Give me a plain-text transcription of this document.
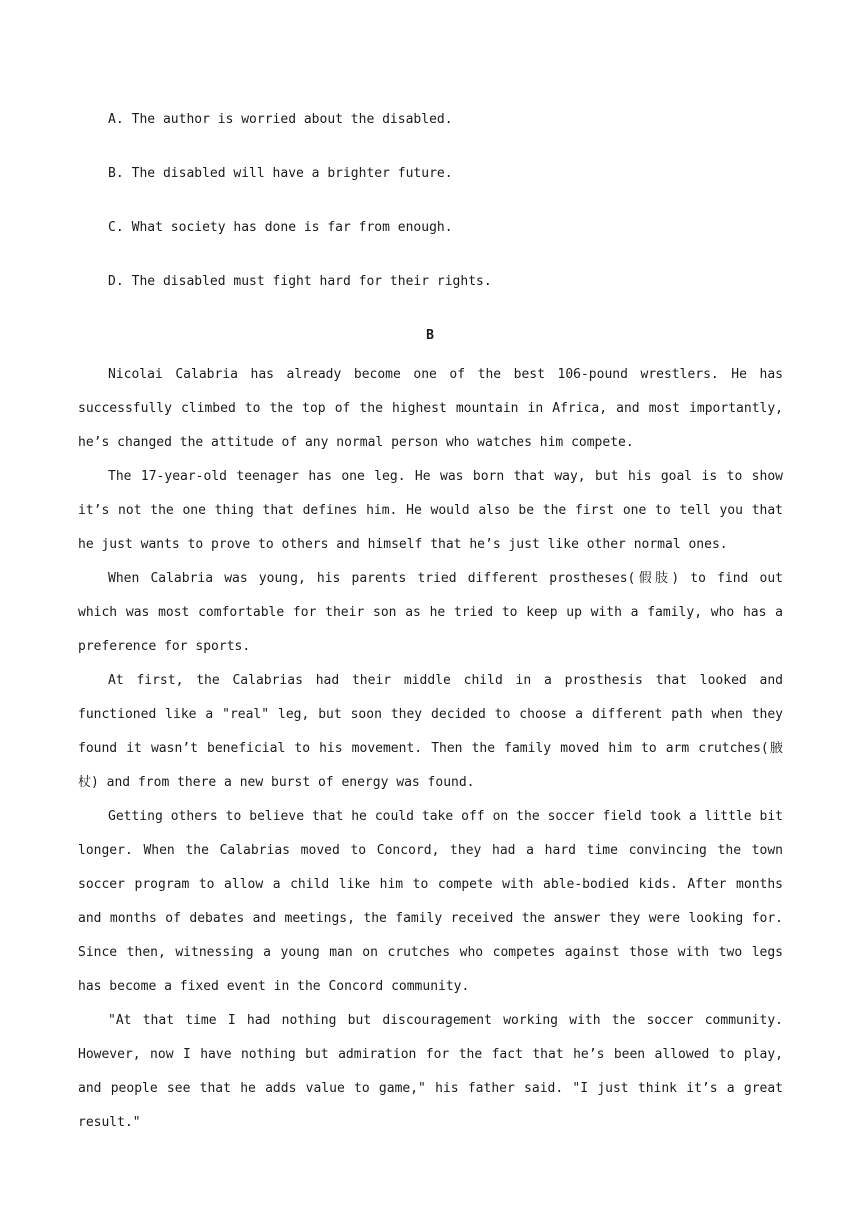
A. The author is worried about the disabled.
B. The disabled will have a brighter future.
C. What society has done is far from enough.
D. The disabled must fight hard for their rights.
B

Nicolai Calabria has already become one of the best 106-pound wrestlers. He has successfully climbed to the top of the highest mountain in Africa, and most importantly, he’s changed the attitude of any normal person who watches him compete.

The 17-year-old teenager has one leg. He was born that way, but his goal is to show it’s not the one thing that defines him. He would also be the first one to tell you that he just wants to prove to others and himself that he’s just like other normal ones.

When Calabria was young, his parents tried different prostheses(假肢) to find out which was most comfortable for their son as he tried to keep up with a family, who has a preference for sports.

At first, the Calabrias had their middle child in a prosthesis that looked and functioned like a "real" leg, but soon they decided to choose a different path when they found it wasn’t beneficial to his movement. Then the family moved him to arm crutches(腋杖) and from there a new burst of energy was found.

Getting others to believe that he could take off on the soccer field took a little bit longer. When the Calabrias moved to Concord, they had a hard time convincing the town soccer program to allow a child like him to compete with able-bodied kids. After months and months of debates and meetings, the family received the answer they were looking for. Since then, witnessing a young man on crutches who competes against those with two legs has become a fixed event in the Concord community.

"At that time I had nothing but discouragement working with the soccer community. However, now I have nothing but admiration for the fact that he’s been allowed to play, and people see that he adds value to game," his father said. "I just think it’s a great result."
